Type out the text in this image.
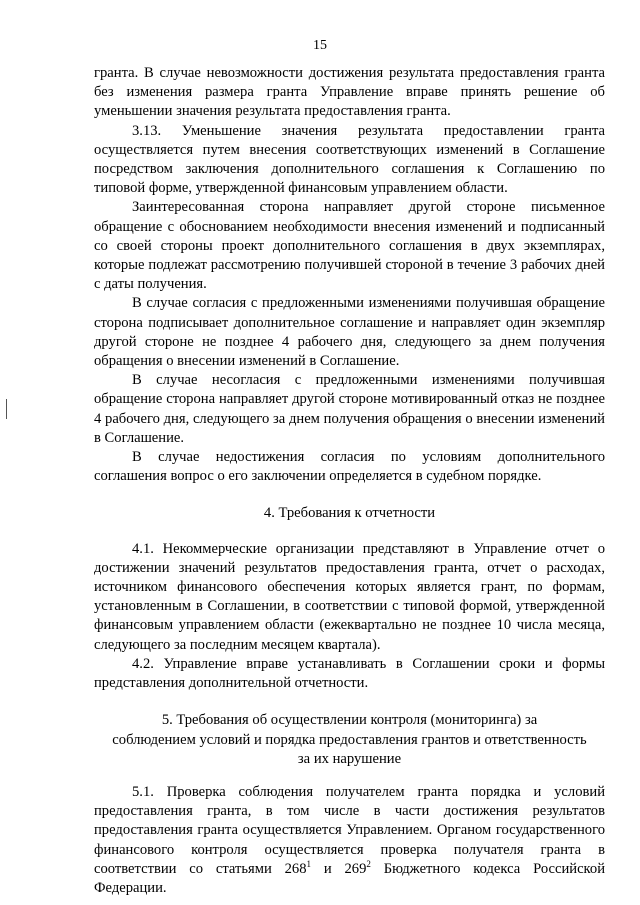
15

гранта. В случае невозможности достижения результата предоставления гранта без изменения размера гранта Управление вправе принять решение об уменьшении значения результата предоставления гранта.

3.13. Уменьшение значения результата предоставлении гранта осуществляется путем внесения соответствующих изменений в Соглашение посредством заключения дополнительного соглашения к Соглашению по типовой форме, утвержденной финансовым управлением области.

Заинтересованная сторона направляет другой стороне письменное обращение с обоснованием необходимости внесения изменений и подписанный со своей стороны проект дополнительного соглашения в двух экземплярах, которые подлежат рассмотрению получившей стороной в течение 3 рабочих дней с даты получения.

В случае согласия с предложенными изменениями получившая обращение сторона подписывает дополнительное соглашение и направляет один экземпляр другой стороне не позднее 4 рабочего дня, следующего за днем получения обращения о внесении изменений в Соглашение.

В случае несогласия с предложенными изменениями получившая обращение сторона направляет другой стороне мотивированный отказ не позднее 4 рабочего дня, следующего за днем получения обращения о внесении изменений в Соглашение.

В случае недостижения согласия по условиям дополнительного соглашения вопрос о его заключении определяется в судебном порядке.

4. Требования к отчетности

4.1. Некоммерческие организации представляют в Управление отчет о достижении значений результатов предоставления гранта, отчет о расходах, источником финансового обеспечения которых является грант, по формам, установленным в Соглашении, в соответствии с типовой формой, утвержденной финансовым управлением области (ежеквартально не позднее 10 числа месяца, следующего за последним месяцем квартала).

4.2. Управление вправе устанавливать в Соглашении сроки и формы представления дополнительной отчетности.

5. Требования об осуществлении контроля (мониторинга) за

соблюдением условий и порядка предоставления грантов и ответственность

за их нарушение

5.1. Проверка соблюдения получателем гранта порядка и условий предоставления гранта, в том числе в части достижения результатов предоставления гранта осуществляется Управлением. Органом государственного финансового контроля осуществляется проверка получателя гранта в соответствии со статьями $268^1$ и $269^2$ Бюджетного кодекса Российской Федерации.
